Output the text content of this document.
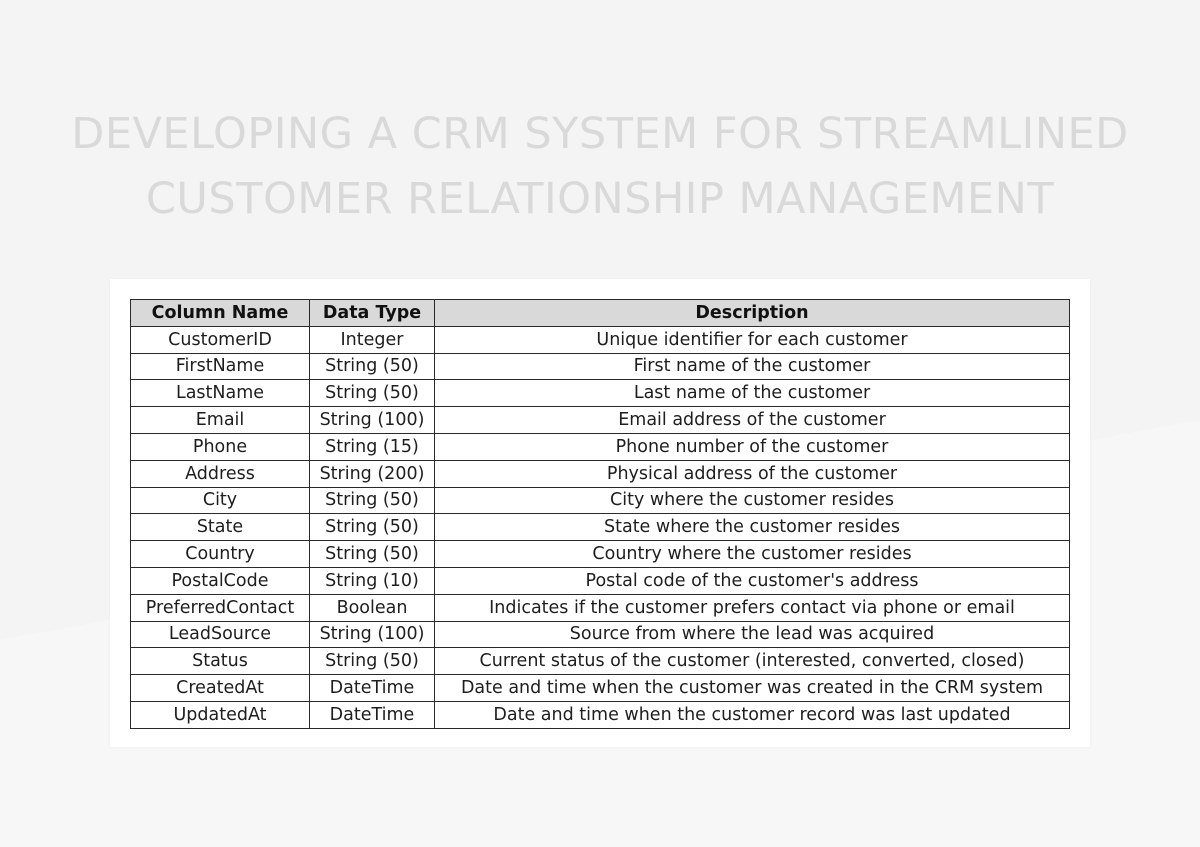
DEVELOPING A CRM SYSTEM FOR STREAMLINED
CUSTOMER RELATIONSHIP MANAGEMENT
Column Name	Data Type	Description
CustomerID	Integer	Unique identifier for each customer
FirstName	String (50)	First name of the customer
LastName	String (50)	Last name of the customer
Email	String (100)	Email address of the customer
Phone	String (15)	Phone number of the customer
Address	String (200)	Physical address of the customer
City	String (50)	City where the customer resides
State	String (50)	State where the customer resides
Country	String (50)	Country where the customer resides
PostalCode	String (10)	Postal code of the customer's address
PreferredContact	Boolean	Indicates if the customer prefers contact via phone or email
LeadSource	String (100)	Source from where the lead was acquired
Status	String (50)	Current status of the customer (interested, converted, closed)
CreatedAt	DateTime	Date and time when the customer was created in the CRM system
UpdatedAt	DateTime	Date and time when the customer record was last updated
